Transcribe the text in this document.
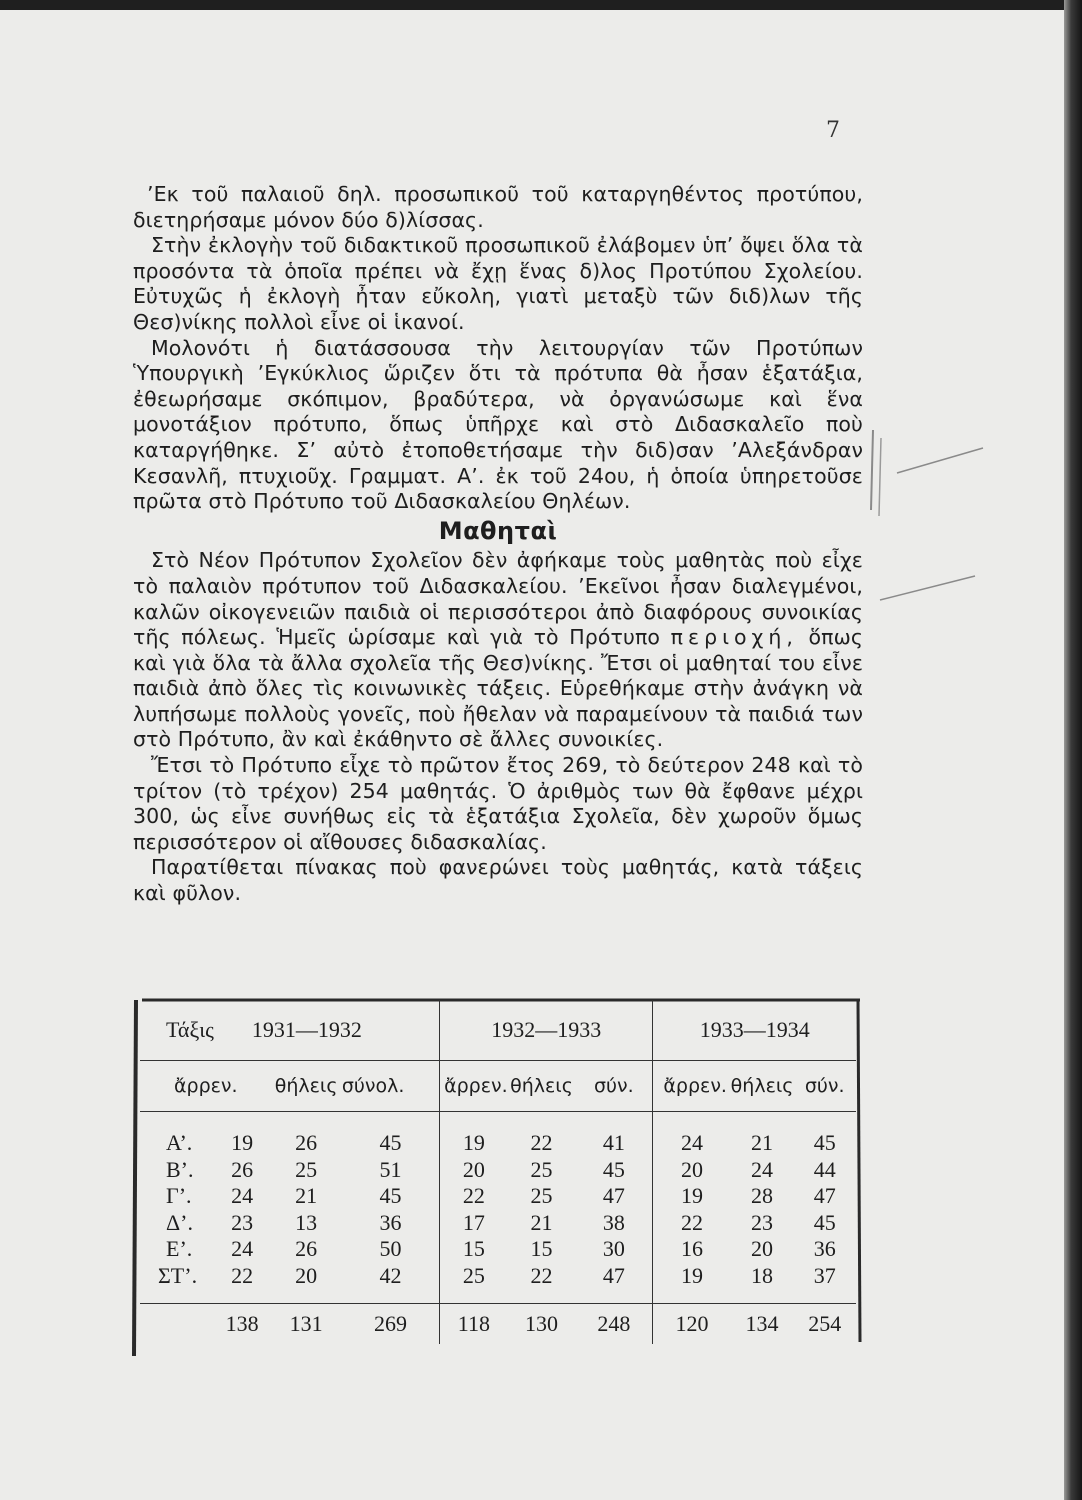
7

’Εκ τοῦ παλαιοῦ δηλ. προσωπικοῦ τοῦ καταργηθέντος προτύπου, διετηρήσαμε μόνον δύο δ)λίσσας.

Στὴν ἐκλογὴν τοῦ διδακτικοῦ προσωπικοῦ ἐλάβομεν ὑπ’ ὄψει ὅλα τὰ προσόντα τὰ ὁποῖα πρέπει νὰ ἔχῃ ἕνας δ)λος Προτύπου Σχολείου. Εὐτυχῶς ἡ ἐκλογὴ ἦταν εὔκολη, γιατὶ μεταξὺ τῶν διδ)λων τῆς Θεσ)νίκης πολλοὶ εἶνε οἱ ἱκανοί.

Μολονότι ἡ διατάσσουσα τὴν λειτουργίαν τῶν Προτύπων Ὑπουργικὴ ’Εγκύκλιος ὥριζεν ὅτι τὰ πρότυπα θὰ ἦσαν ἑξατάξια, ἐθεωρήσαμε σκόπιμον, βραδύτερα, νὰ ὀργανώσωμε καὶ ἕνα μονοτάξιον πρότυπο, ὅπως ὑπῆρχε καὶ στὸ Διδασκαλεῖο ποὺ καταργήθηκε. Σ’ αὐτὸ ἐτοποθετήσαμε τὴν διδ)σαν ’Αλεξάνδραν Κεσανλῆ, πτυχιοῦχ. Γραμματ. Α’. ἐκ τοῦ 24ου, ἡ ὁποία ὑπηρετοῦσε πρῶτα στὸ Πρότυπο τοῦ Διδασκαλείου Θηλέων.

Μαθηταὶ

Στὸ Νέον Πρότυπον Σχολεῖον δὲν ἀφήκαμε τοὺς μαθητὰς ποὺ εἶχε τὸ παλαιὸν πρότυπον τοῦ Διδασκαλείου. ’Εκεῖνοι ἦσαν διαλεγμένοι, καλῶν οἰκογενειῶν παιδιὰ οἱ περισσότεροι ἀπὸ διαφόρους συνοικίας τῆς πόλεως. Ἡμεῖς ὡρίσαμε καὶ γιὰ τὸ Πρότυπο περιοχή, ὅπως καὶ γιὰ ὅλα τὰ ἄλλα σχολεῖα τῆς Θεσ)νίκης. Ἔτσι οἱ μαθηταί του εἶνε παιδιὰ ἀπὸ ὅλες τὶς κοινωνικὲς τάξεις. Εὑρεθήκαμε στὴν ἀνάγκη νὰ λυπήσωμε πολλοὺς γονεῖς, ποὺ ἤθελαν νὰ παραμείνουν τὰ παιδιά των στὸ Πρότυπο, ἂν καὶ ἐκάθηντο σὲ ἄλλες συνοικίες.

Ἔτσι τὸ Πρότυπο εἶχε τὸ πρῶτον ἔτος 269, τὸ δεύτερον 248 καὶ τὸ τρίτον (τὸ τρέχον) 254 μαθητάς. Ὁ ἀριθμὸς των θὰ ἔφθανε μέχρι 300, ὡς εἶνε συνήθως εἰς τὰ ἑξατάξια Σχολεῖα, δὲν χωροῦν ὅμως περισσότερον οἱ αἴθουσες διδασκαλίας.

Παρατίθεται πίνακας ποὺ φανερώνει τοὺς μαθητάς, κατὰ τάξεις καὶ φῦλον.

Τάξις	1931—1932			1932—1933			1933—1934		
ἄρρεν.		θήλεις	σύνολ.	ἄρρεν.	θήλεις	σύν.	ἄρρεν.	θήλεις	σύν.

Α’.	19	26	45	19	22	41	24	21	45
Β’.	26	25	51	20	25	45	20	24	44
Γ’.	24	21	45	22	25	47	19	28	47
Δ’.	23	13	36	17	21	38	22	23	45
Ε’.	24	26	50	15	15	30	16	20	36
ΣΤ’.	22	20	42	25	22	47	19	18	37

	138	131	269	118	130	248	120	134	254
